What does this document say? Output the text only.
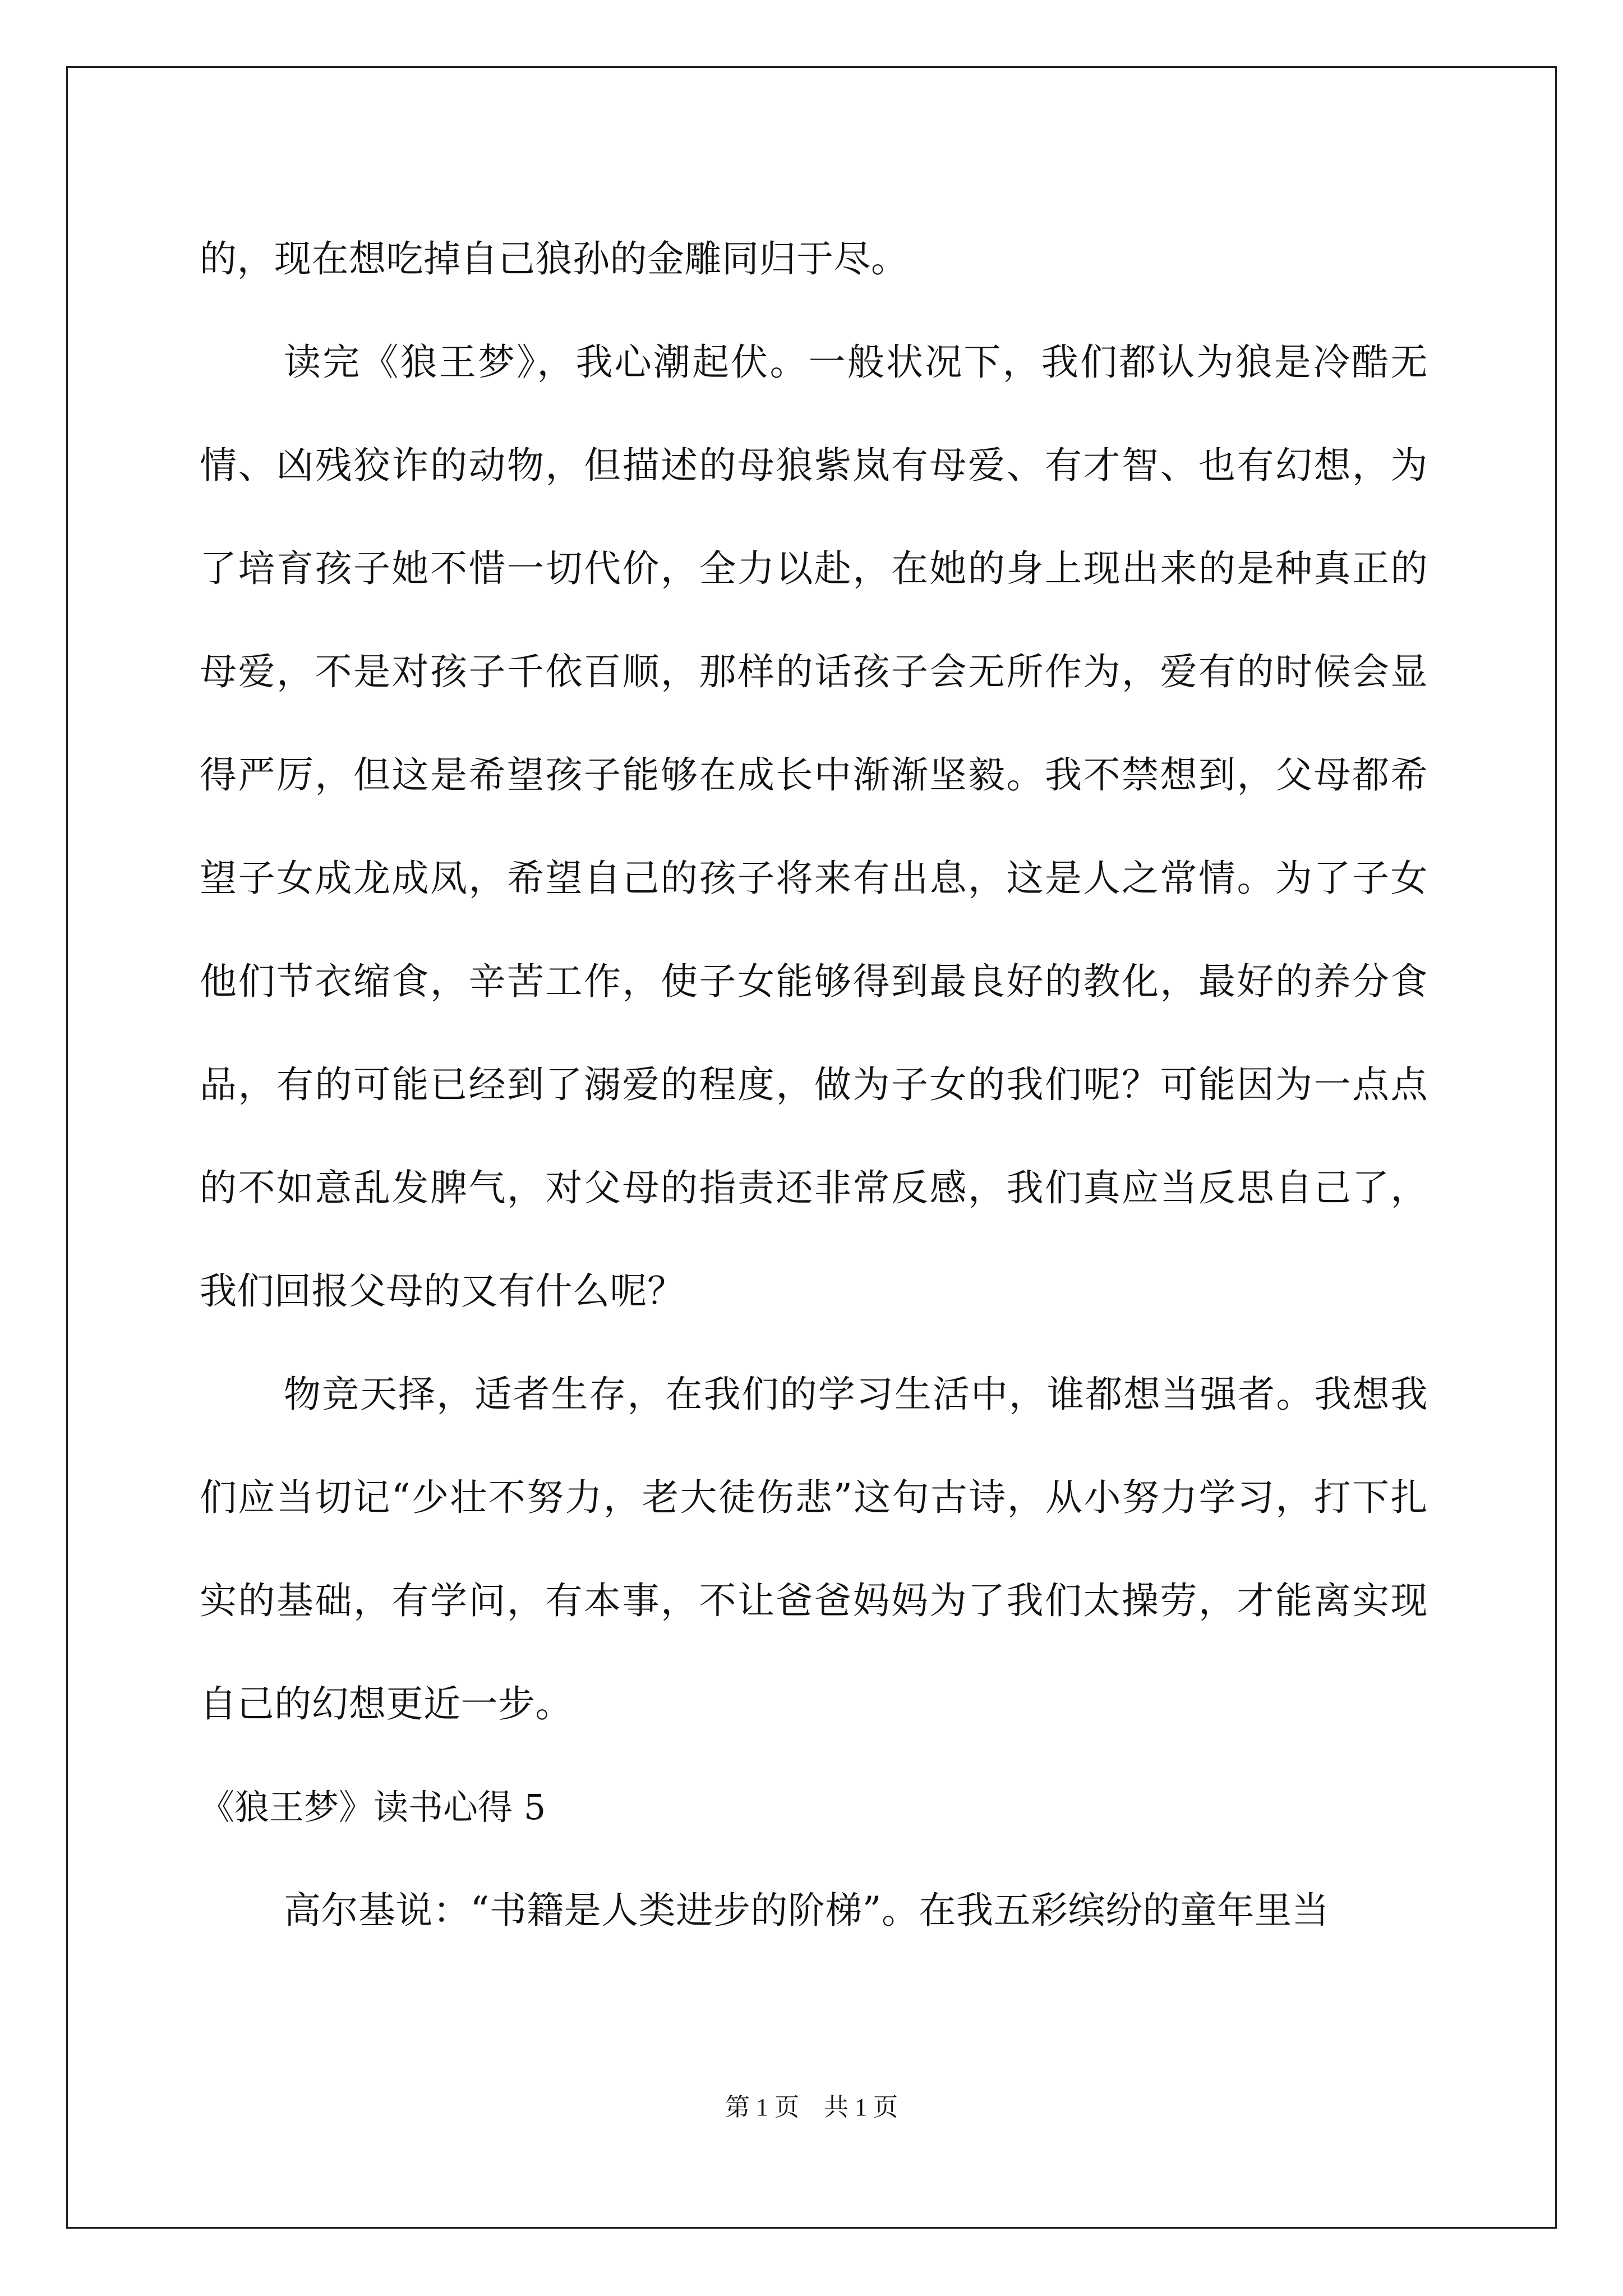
的，现在想吃掉自己狼孙的金雕同归于尽。

读完《狼王梦》，我心潮起伏。一般状况下，我们都认为狼是冷酷无情、凶残狡诈的动物，但描述的母狼紫岚有母爱、有才智、也有幻想，为了培育孩子她不惜一切代价，全力以赴，在她的身上现出来的是种真正的母爱，不是对孩子千依百顺，那样的话孩子会无所作为，爱有的时候会显得严厉，但这是希望孩子能够在成长中渐渐坚毅。我不禁想到，父母都希望子女成龙成凤，希望自己的孩子将来有出息，这是人之常情。为了子女他们节衣缩食，辛苦工作，使子女能够得到最良好的教化，最好的养分食品，有的可能已经到了溺爱的程度，做为子女的我们呢？可能因为一点点的不如意乱发脾气，对父母的指责还非常反感，我们真应当反思自己了，我们回报父母的又有什么呢？

物竞天择，适者生存，在我们的学习生活中，谁都想当强者。我想我们应当切记“少壮不努力，老大徒伤悲”这句古诗，从小努力学习，打下扎实的基础，有学问，有本事，不让爸爸妈妈为了我们太操劳，才能离实现自己的幻想更近一步。

《狼王梦》读书心得 5

高尔基说：“书籍是人类进步的阶梯”。在我五彩缤纷的童年里当

第 1 页　共 1 页
